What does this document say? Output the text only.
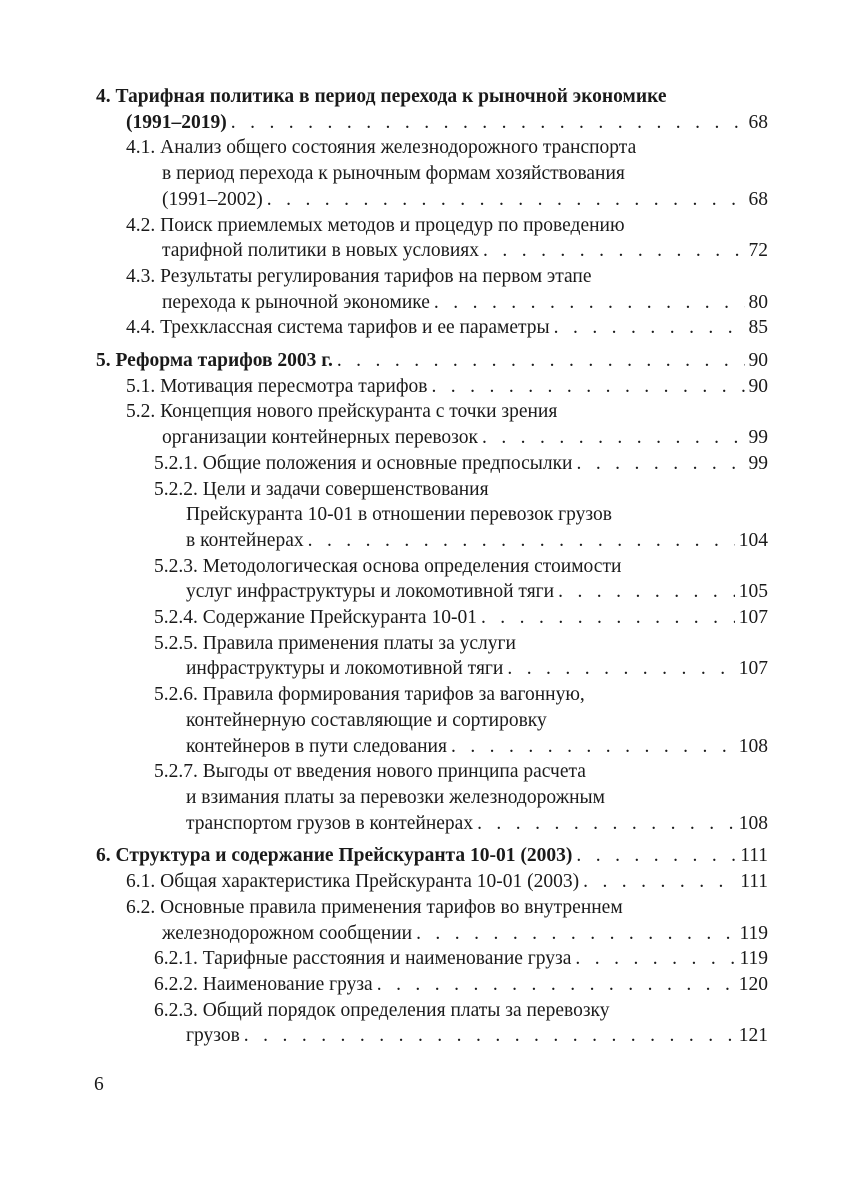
4. Тарифная политика в период перехода к рыночной экономике
(1991–2019) . . .	68
4.1. Анализ общего состояния железнодорожного транспорта
в период перехода к рыночным формам хозяйствования
(1991–2002) . . .	68
4.2. Поиск приемлемых методов и процедур по проведению
тарифной политики в новых условиях . . .	72
4.3. Результаты регулирования тарифов на первом этапе
перехода к рыночной экономике . . .	80
4.4. Трехклассная система тарифов и ее параметры . . .	85
5. Реформа тарифов 2003 г. . . .	90
5.1. Мотивация пересмотра тарифов . . .	90
5.2. Концепция нового прейскуранта с точки зрения
организации контейнерных перевозок . . .	99
5.2.1. Общие положения и основные предпосылки . . .	99
5.2.2. Цели и задачи совершенствования
Прейскуранта 10-01 в отношении перевозок грузов
в контейнерах . . .	104
5.2.3. Методологическая основа определения стоимости
услуг инфраструктуры и локомотивной тяги . . .	105
5.2.4. Содержание Прейскуранта 10-01 . . .	107
5.2.5. Правила применения платы за услуги
инфраструктуры и локомотивной тяги . . .	107
5.2.6. Правила формирования тарифов за вагонную,
контейнерную составляющие и сортировку
контейнеров в пути следования . . .	108
5.2.7. Выгоды от введения нового принципа расчета
и взимания платы за перевозки железнодорожным
транспортом грузов в контейнерах . . .	108
6. Структура и содержание Прейскуранта 10-01 (2003) . . .	111
6.1. Общая характеристика Прейскуранта 10-01 (2003) . . .	111
6.2. Основные правила применения тарифов во внутреннем
железнодорожном сообщении . . .	119
6.2.1. Тарифные расстояния и наименование груза . . .	119
6.2.2. Наименование груза . . .	120
6.2.3. Общий порядок определения платы за перевозку
грузов . . .	121
6
